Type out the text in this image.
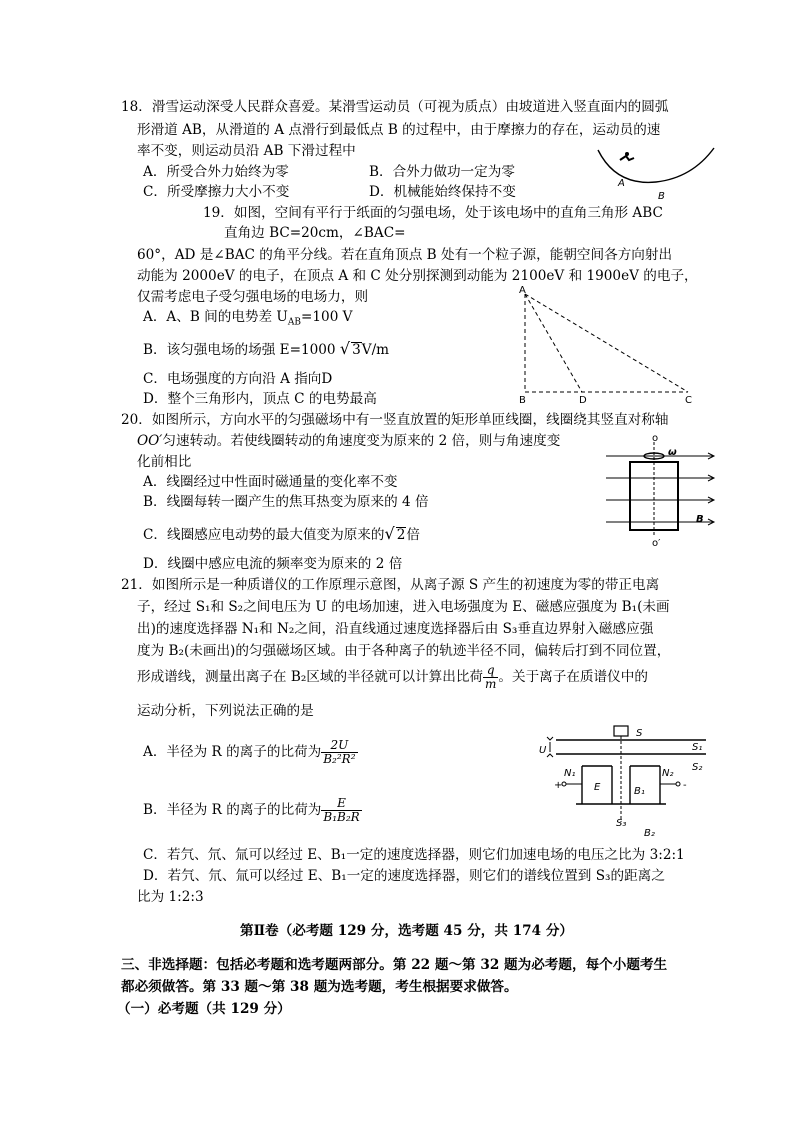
18．滑雪运动深受人民群众喜爱。某滑雪运动员（可视为质点）由坡道进入竖直面内的圆弧
形滑道 AB，从滑道的 A 点滑行到最低点 B 的过程中，由于摩擦力的存在，运动员的速
率不变，则运动员沿 AB 下滑过程中
A．所受合外力始终为零	B．合外力做功一定为零
C．所受摩擦力大小不变	D．机械能始终保持不变
A
B
19．如图，空间有平行于纸面的匀强电场，处于该电场中的直角三角形 ABC
直角边 BC=20cm，∠BAC=
60°，AD 是∠BAC 的角平分线。若在直角顶点 B 处有一个粒子源，能朝空间各方向射出
动能为 2000eV 的电子，在顶点 A 和 C 处分别探测到动能为 2100eV 和 1900eV 的电子，
仅需考虑电子受匀强电场的电场力，则
A．A、B 间的电势差 $U_{AB}=100$ V
B．该匀强电场的场强 E=1000 √ 3V/m
C．电场强度的方向沿 A 指向D
D．整个三角形内，顶点 C 的电势最高
A
B	D	C
20．如图所示，方向水平的匀强磁场中有一竖直放置的矩形单匝线圈，线圈绕其竖直对称轴
OO′匀速转动。若使线圈转动的角速度变为原来的 2 倍，则与角速度变
化前相比
A．线圈经过中性面时磁通量的变化率不变
B．线圈每转一圈产生的焦耳热变为原来的 4 倍
C．线圈感应电动势的最大值变为原来的√ 2倍
D．线圈中感应电流的频率变为原来的 2 倍
o
o′
ω
B
21．如图所示是一种质谱仪的工作原理示意图，从离子源 S 产生的初速度为零的带正电离
子，经过 S₁和 S₂之间电压为 U 的电场加速，进入电场强度为 E、磁感应强度为 B₁(未画
出)的速度选择器 N₁和 N₂之间，沿直线通过速度选择器后由 S₃垂直边界射入磁感应强
度为 B₂(未画出)的匀强磁场区域。由于各种离子的轨迹半径不同，偏转后打到不同位置，
形成谱线，测量出离子在 B₂区域的半径就可以计算出比荷 $\frac{q}{m}$ 。关于离子在质谱仪中的
运动分析，下列说法正确的是
A．半径为 R 的离子的比荷为 $\frac{2U}{\text{B₂²R²}}$
B．半径为 R 的离子的比荷为 $\frac{E}{\text{B₁B₂R}}$
C．若氕、氘、氚可以经过 E、B₁一定的速度选择器，则它们加速电场的电压之比为 3:2:1
D．若氕、氘、氚可以经过 E、B₁一定的速度选择器，则它们的谱线位置到 S₃的距离之
比为 1:2:3
U
S
S₁
S₂
N₁	N₂
E	B₁
S₃
B₂
+	-
第Ⅱ卷（必考题 129 分，选考题 45 分，共 174 分）
三、非选择题：包括必考题和选考题两部分。第 22 题～第 32 题为必考题，每个小题考生
都必须做答。第 33 题～第 38 题为选考题，考生根据要求做答。
（一）必考题（共 129 分）
